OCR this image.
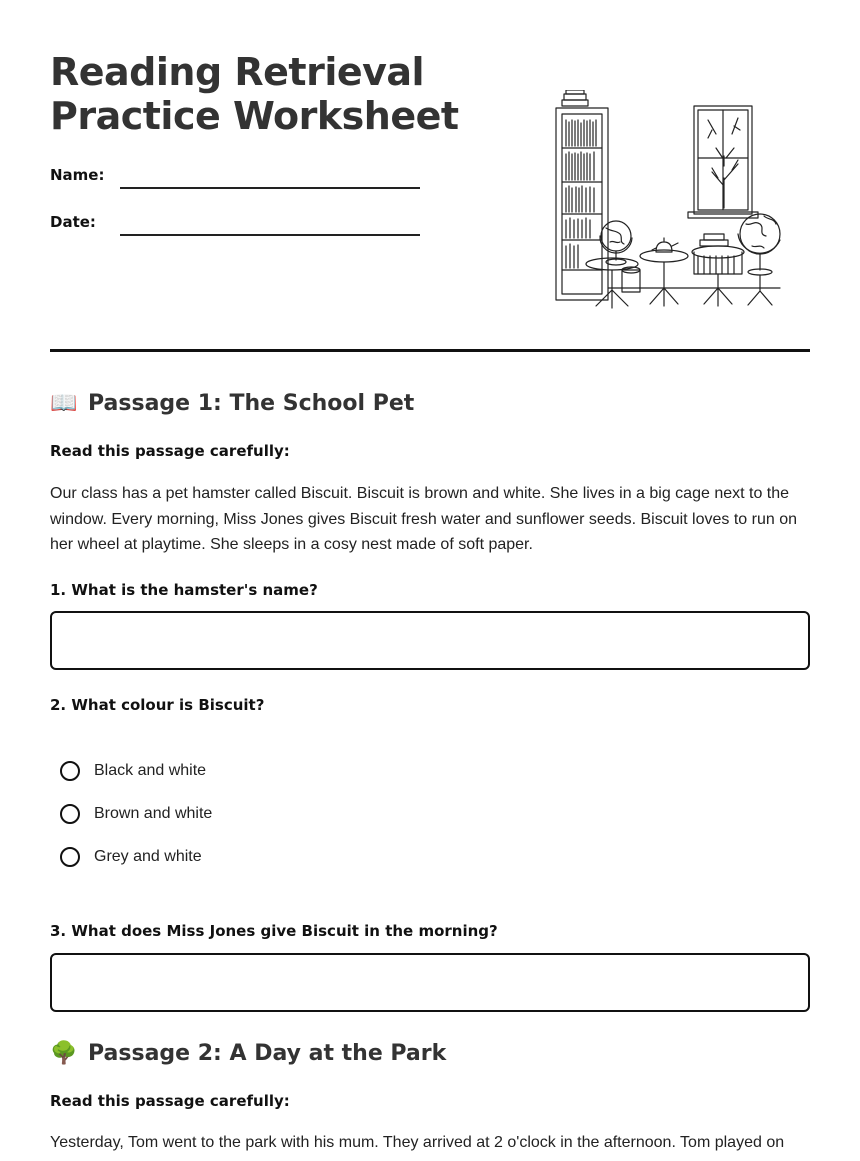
Reading Retrieval
Practice Worksheet
Name:
Date:
📖 Passage 1: The School Pet
Read this passage carefully:
Our class has a pet hamster called Biscuit. Biscuit is brown and white. She lives in a big cage next to the window. Every morning, Miss Jones gives Biscuit fresh water and sunflower seeds. Biscuit loves to run on her wheel at playtime. She sleeps in a cosy nest made of soft paper.
1. What is the hamster's name?
2. What colour is Biscuit?
Black and white
Brown and white
Grey and white
3. What does Miss Jones give Biscuit in the morning?
🌳 Passage 2: A Day at the Park
Read this passage carefully:
Yesterday, Tom went to the park with his mum. They arrived at 2 o'clock in the afternoon. Tom played on
